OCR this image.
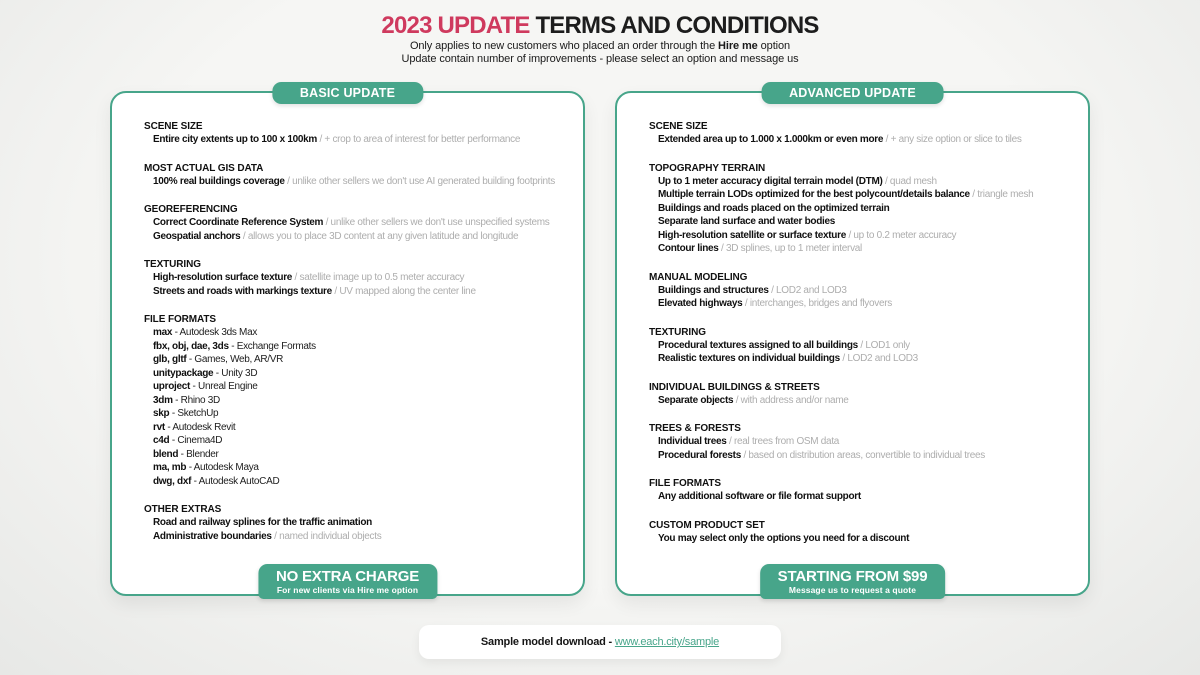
2023 UPDATE TERMS AND CONDITIONS

Only applies to new customers who placed an order through the Hire me option

Update contain number of improvements - please select an option and message us

BASIC UPDATE
SCENE SIZE
Entire city extents up to 100 x 100km / + crop to area of interest for better performance
MOST ACTUAL GIS DATA
100% real buildings coverage / unlike other sellers we don't use AI generated building footprints
GEOREFERENCING
Correct Coordinate Reference System / unlike other sellers we don't use unspecified systems
Geospatial anchors / allows you to place 3D content at any given latitude and longitude
TEXTURING
High-resolution surface texture / satellite image up to 0.5 meter accuracy
Streets and roads with markings texture / UV mapped along the center line
FILE FORMATS
max - Autodesk 3ds Max
fbx, obj, dae, 3ds - Exchange Formats
glb, gltf - Games, Web, AR/VR
unitypackage - Unity 3D
uproject - Unreal Engine
3dm - Rhino 3D
skp - SketchUp
rvt - Autodesk Revit
c4d - Cinema4D
blend - Blender
ma, mb - Autodesk Maya
dwg, dxf - Autodesk AutoCAD
OTHER EXTRAS
Road and railway splines for the traffic animation
Administrative boundaries / named individual objects
NO EXTRA CHARGE
For new clients via Hire me option
ADVANCED UPDATE
SCENE SIZE
Extended area up to 1.000 x 1.000km or even more / + any size option or slice to tiles
TOPOGRAPHY TERRAIN
Up to 1 meter accuracy digital terrain model (DTM) / quad mesh
Multiple terrain LODs optimized for the best polycount/details balance / triangle mesh
Buildings and roads placed on the optimized terrain
Separate land surface and water bodies
High-resolution satellite or surface texture / up to 0.2 meter accuracy
Contour lines / 3D splines, up to 1 meter interval
MANUAL MODELING
Buildings and structures / LOD2 and LOD3
Elevated highways / interchanges, bridges and flyovers
TEXTURING
Procedural textures assigned to all buildings / LOD1 only
Realistic textures on individual buildings / LOD2 and LOD3
INDIVIDUAL BUILDINGS & STREETS
Separate objects / with address and/or name
TREES & FORESTS
Individual trees / real trees from OSM data
Procedural forests / based on distribution areas, convertible to individual trees
FILE FORMATS
Any additional software or file format support
CUSTOM PRODUCT SET
You may select only the options you need for a discount
STARTING FROM $99
Message us to request a quote
Sample model download - www.each.city/sample
